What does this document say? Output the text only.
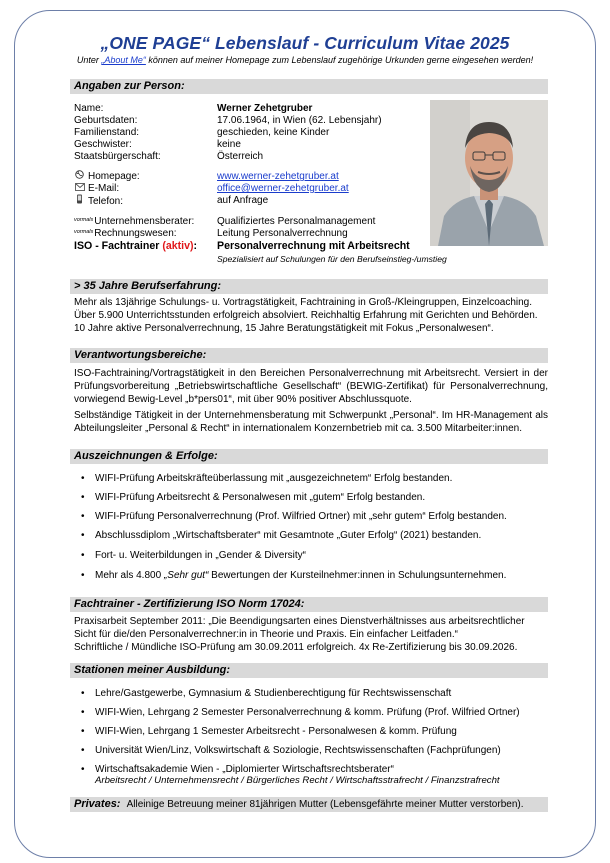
„ONE PAGE“ Lebenslauf - Curriculum Vitae 2025
Unter „About Me“ können auf meiner Homepage zum Lebenslauf zugehörige Urkunden gerne eingesehen werden!
Angaben zur Person:
Name:	Werner Zehetgruber
Geburtsdaten:	17.06.1964, in Wien (62. Lebensjahr)
Familienstand:	geschieden, keine Kinder
Geschwister:	keine
Staatsbürgerschaft:	Österreich
Homepage:	www.werner-zehetgruber.at
E-Mail:	office@werner-zehetgruber.at
Telefon:	auf Anfrage
$^{vormals}$Unternehmensberater: Qualifiziertes Personalmanagement
$^{vormals}$Rechnungswesen:	Leitung Personalverrechnung
ISO - Fachtrainer (aktiv): Personalverrechnung mit Arbeitsrecht
Spezialisiert auf Schulungen für den Berufseinstieg-/umstieg
> 35 Jahre Berufserfahrung:
Mehr als 13jährige Schulungs- u. Vortragstätigkeit, Fachtraining in Groß-/Kleingruppen, Einzelcoaching.
Über 5.900 Unterrichtsstunden erfolgreich absolviert. Reichhaltig Erfahrung mit Gerichten und Behörden.
10 Jahre aktive Personalverrechnung, 15 Jahre Beratungstätigkeit mit Fokus „Personalwesen“.
Verantwortungsbereiche:
ISO-Fachtraining/Vortragstätigkeit in den Bereichen Personalverrechnung mit Arbeitsrecht. Versiert in der Prüfungsvorbereitung „Betriebswirtschaftliche Gesellschaft“ (BEWIG-Zertifikat) für Personalverrechnung, vorwiegend Bewig-Level „b*pers01“, mit über 90% positiver Abschlussquote.
Selbständige Tätigkeit in der Unternehmensberatung mit Schwerpunkt „Personal“. Im HR-Management als Abteilungsleiter „Personal & Recht“ in internationalem Konzernbetrieb mit ca. 3.500 Mitarbeiter:innen.
Auszeichnungen & Erfolge:
• WIFI-Prüfung Arbeitskräfteüberlassung mit „ausgezeichnetem“ Erfolg bestanden.
• WIFI-Prüfung Arbeitsrecht & Personalwesen mit „gutem“ Erfolg bestanden.
• WIFI-Prüfung Personalverrechnung (Prof. Wilfried Ortner) mit „sehr gutem“ Erfolg bestanden.
• Abschlussdiplom „Wirtschaftsberater“ mit Gesamtnote „Guter Erfolg“ (2021) bestanden.
• Fort- u. Weiterbildungen in „Gender & Diversity“
• Mehr als 4.800 „Sehr gut“ Bewertungen der Kursteilnehmer:innen in Schulungsunternehmen.
Fachtrainer - Zertifizierung ISO Norm 17024:
Praxisarbeit September 2011: „Die Beendigungsarten eines Dienstverhältnisses aus arbeitsrechtlicher
Sicht für die/den Personalverrechner:in in Theorie und Praxis. Ein einfacher Leitfaden.“
Schriftliche / Mündliche ISO-Prüfung am 30.09.2011 erfolgreich. 4x Re-Zertifizierung bis 30.09.2026.
Stationen meiner Ausbildung:
• Lehre/Gastgewerbe, Gymnasium & Studienberechtigung für Rechtswissenschaft
• WIFI-Wien, Lehrgang 2 Semester Personalverrechnung & komm. Prüfung (Prof. Wilfried Ortner)
• WIFI-Wien, Lehrgang 1 Semester Arbeitsrecht - Personalwesen & komm. Prüfung
• Universität Wien/Linz, Volkswirtschaft & Soziologie, Rechtswissenschaften (Fachprüfungen)
• Wirtschaftsakademie Wien - „Diplomierter Wirtschaftsrechtsberater“
Arbeitsrecht / Unternehmensrecht / Bürgerliches Recht / Wirtschaftsstrafrecht / Finanzstrafrecht
Privates: Alleinige Betreuung meiner 81jährigen Mutter (Lebensgefährte meiner Mutter verstorben).
